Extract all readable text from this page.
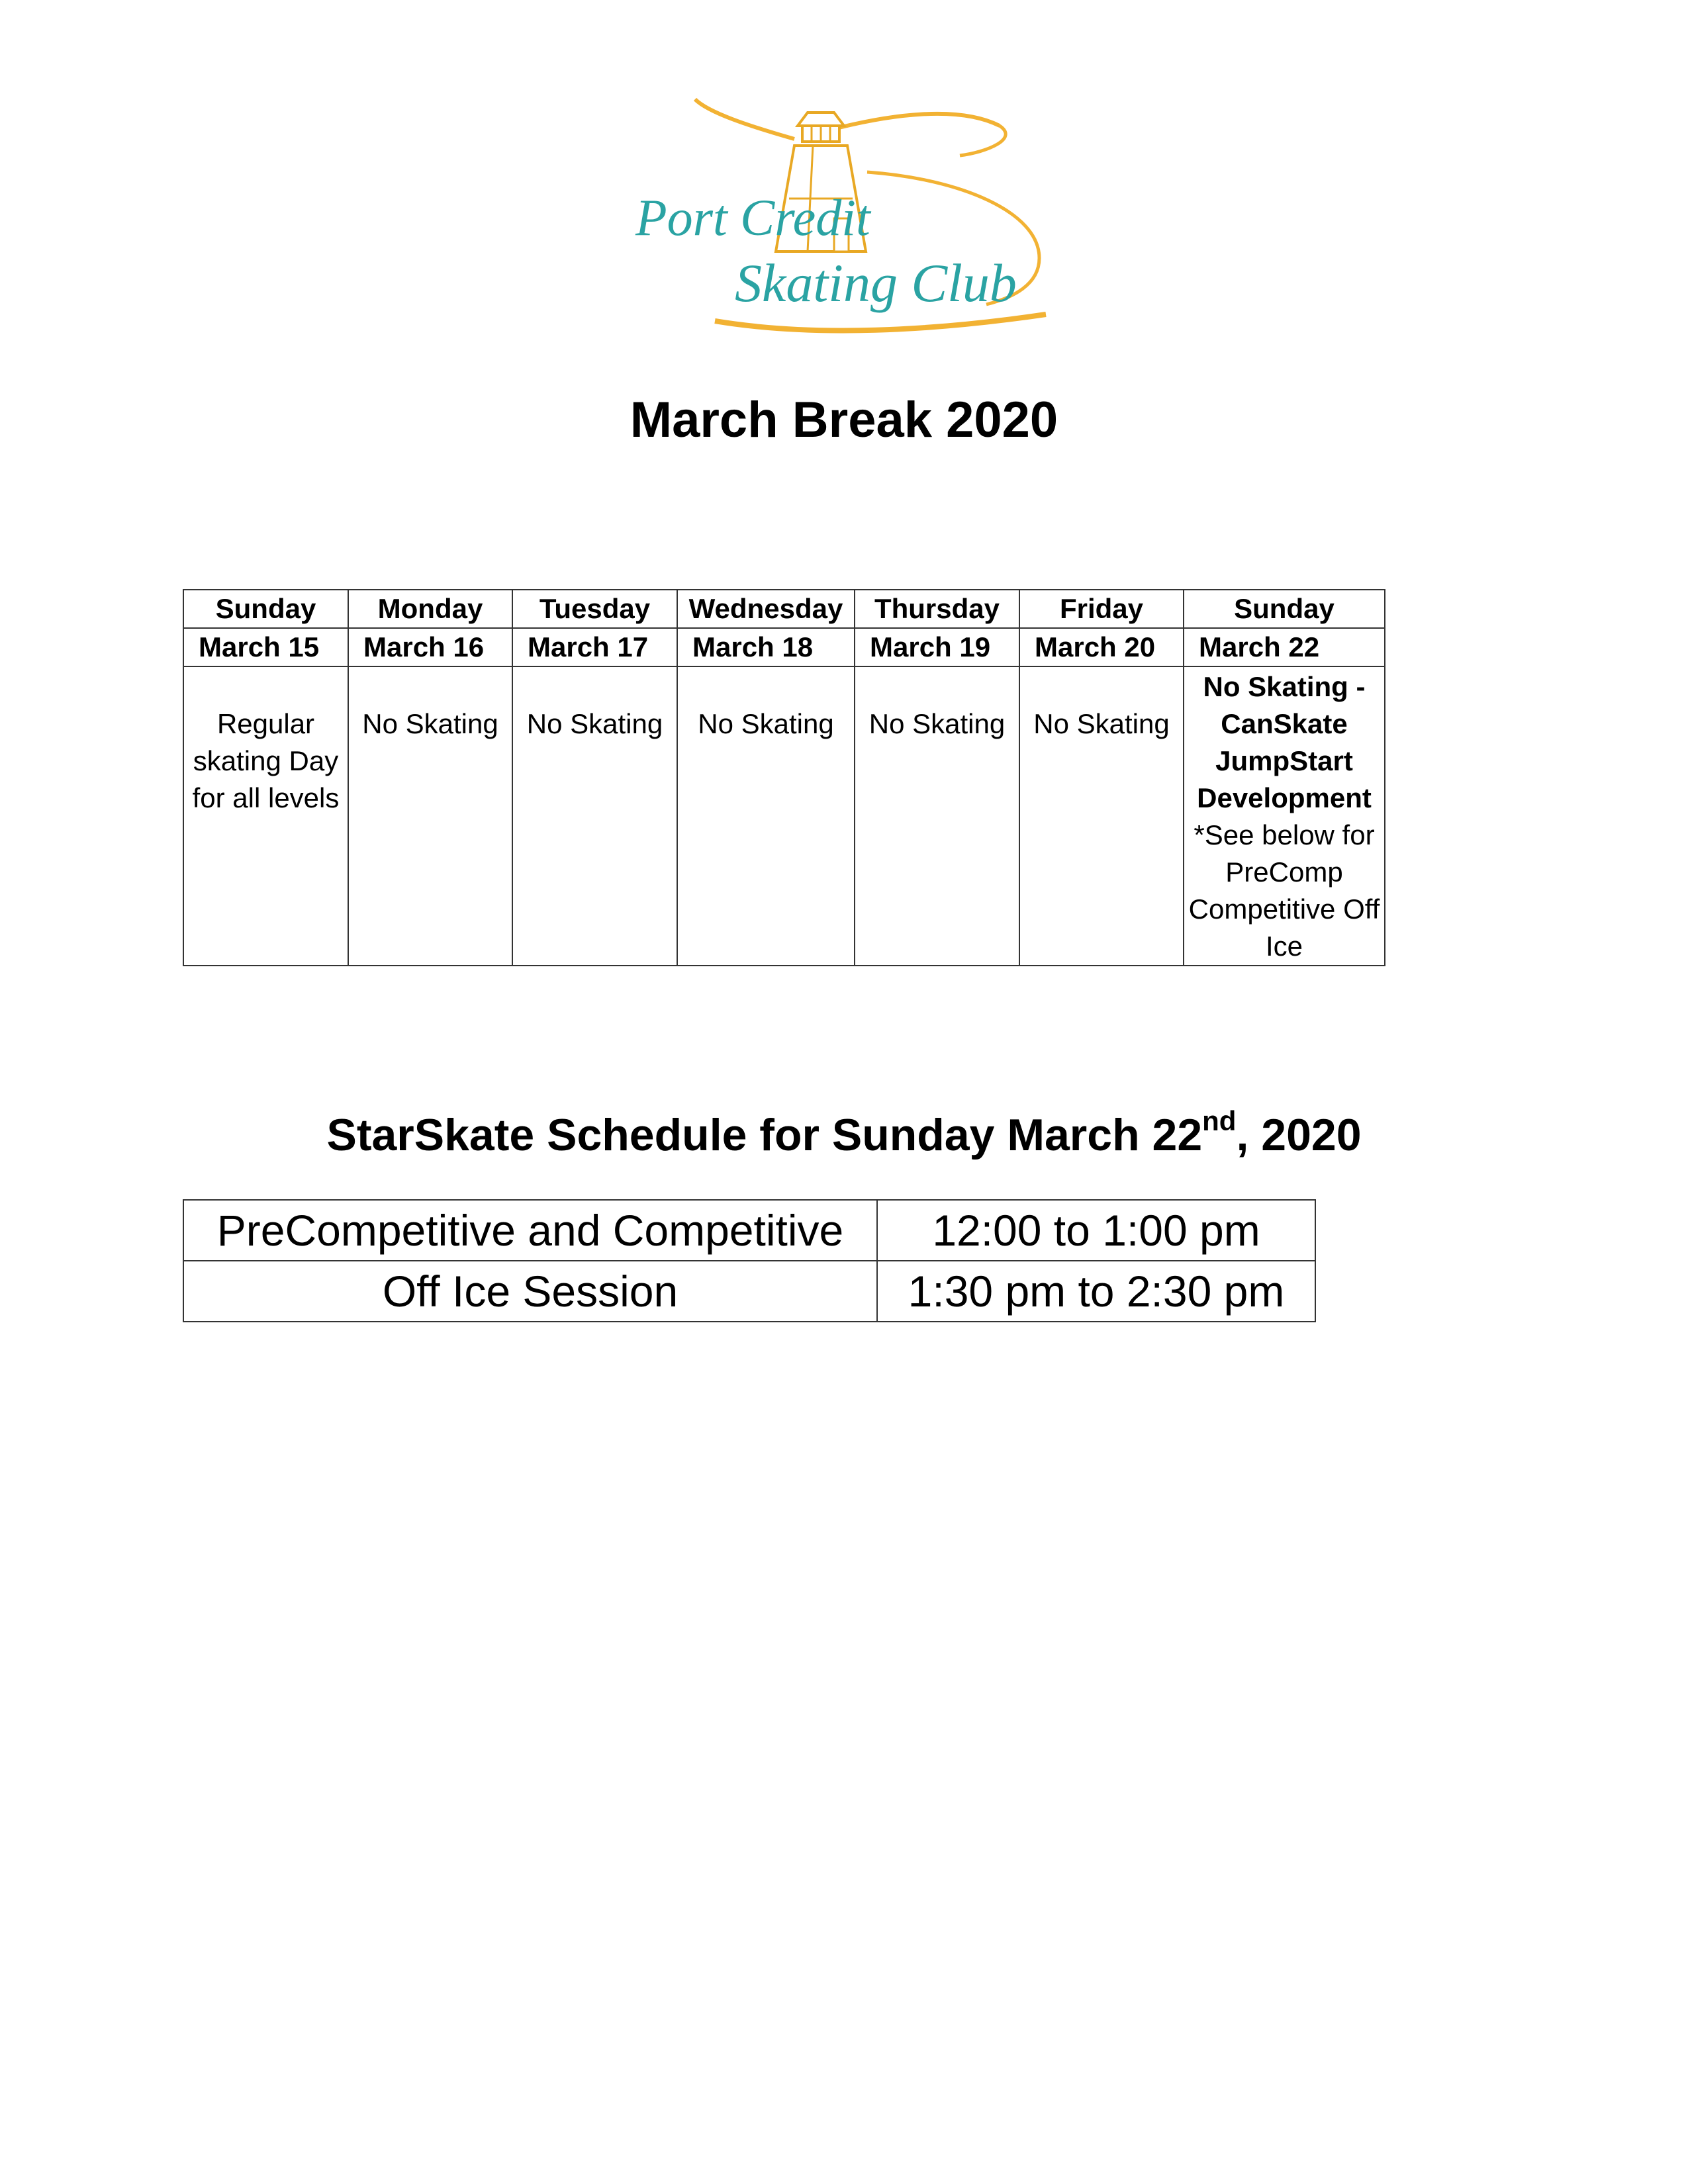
Port Credit
Skating Club
March Break 2020
Sunday	Monday	Tuesday	Wednesday	Thursday	Friday	Sunday
March 15	March 16	March 17	March 18	March 19	March 20	March 22

Regular skating Day for all levels	No Skating	No Skating	No Skating	No Skating	No Skating	No Skating - CanSkate JumpStart Development
*See below for PreComp Competitive Off Ice
StarSkate Schedule for Sunday March 22nd, 2020
PreCompetitive and Competitive	12:00 to 1:00 pm
Off Ice Session	1:30 pm to 2:30 pm
